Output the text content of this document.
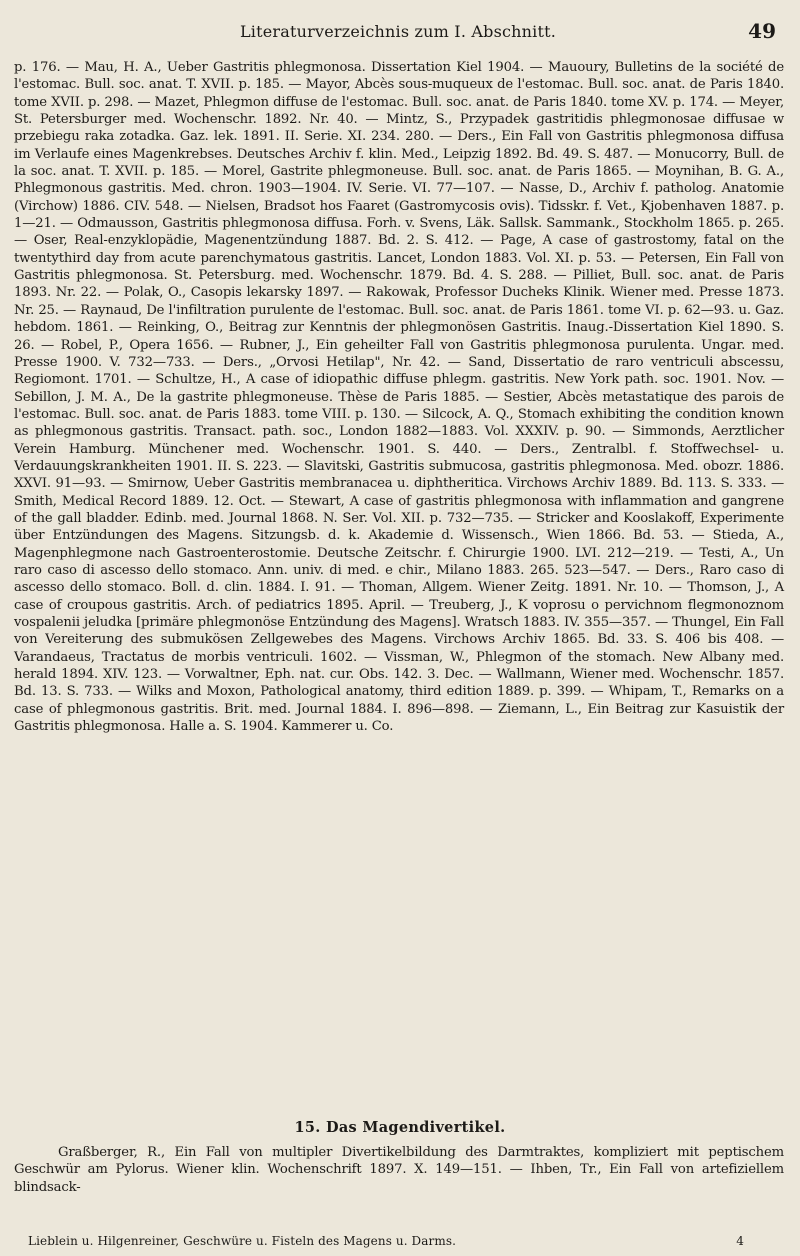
Literaturverzeichnis zum I. Abschnitt.	49
p. 176. — Mau, H. A., Ueber Gastritis phlegmonosa. Dissertation Kiel 1904. — Mauoury, Bulletins de la société de l'estomac. Bull. soc. anat. T. XVII. p. 185. — Mayor, Abcès sous-muqueux de l'estomac. Bull. soc. anat. de Paris 1840. tome XVII. p. 298. — Mazet, Phlegmon diffuse de l'estomac. Bull. soc. anat. de Paris 1840. tome XV. p. 174. — Meyer, St. Petersburger med. Wochenschr. 1892. Nr. 40. — Mintz, S., Przypadek gastritidis phlegmonosae diffusae w przebiegu raka zotadka. Gaz. lek. 1891. II. Serie. XI. 234. 280. — Ders., Ein Fall von Gastritis phlegmonosa diffusa im Verlaufe eines Magenkrebses. Deutsches Archiv f. klin. Med., Leipzig 1892. Bd. 49. S. 487. — Monucorry, Bull. de la soc. anat. T. XVII. p. 185. — Morel, Gastrite phlegmoneuse. Bull. soc. anat. de Paris 1865. — Moynihan, B. G. A., Phlegmonous gastritis. Med. chron. 1903—1904. IV. Serie. VI. 77—107. — Nasse, D., Archiv f. patholog. Anatomie (Virchow) 1886. CIV. 548. — Nielsen, Bradsot hos Faaret (Gastromycosis ovis). Tidsskr. f. Vet., Kjobenhaven 1887. p. 1—21. — Odmausson, Gastritis phlegmonosa diffusa. Forh. v. Svens, Läk. Sallsk. Sammank., Stockholm 1865. p. 265. — Oser, Real-enzyklopädie, Magenentzündung 1887. Bd. 2. S. 412. — Page, A case of gastrostomy, fatal on the twentythird day from acute parenchymatous gastritis. Lancet, London 1883. Vol. XI. p. 53. — Petersen, Ein Fall von Gastritis phlegmonosa. St. Petersburg. med. Wochenschr. 1879. Bd. 4. S. 288. — Pilliet, Bull. soc. anat. de Paris 1893. Nr. 22. — Polak, O., Casopis lekarsky 1897. — Rakowak, Professor Ducheks Klinik. Wiener med. Presse 1873. Nr. 25. — Raynaud, De l'infiltration purulente de l'estomac. Bull. soc. anat. de Paris 1861. tome VI. p. 62—93. u. Gaz. hebdom. 1861. — Reinking, O., Beitrag zur Kenntnis der phlegmonösen Gastritis. Inaug.-Dissertation Kiel 1890. S. 26. — Robel, P., Opera 1656. — Rubner, J., Ein geheilter Fall von Gastritis phlegmonosa purulenta. Ungar. med. Presse 1900. V. 732—733. — Ders., „Orvosi Hetilap", Nr. 42. — Sand, Dissertatio de raro ventriculi abscessu, Regiomont. 1701. — Schultze, H., A case of idiopathic diffuse phlegm. gastritis. New York path. soc. 1901. Nov. — Sebillon, J. M. A., De la gastrite phlegmoneuse. Thèse de Paris 1885. — Sestier, Abcès metastatique des parois de l'estomac. Bull. soc. anat. de Paris 1883. tome VIII. p. 130. — Silcock, A. Q., Stomach exhibiting the condition known as phlegmonous gastritis. Transact. path. soc., London 1882—1883. Vol. XXXIV. p. 90. — Simmonds, Aerztlicher Verein Hamburg. Münchener med. Wochenschr. 1901. S. 440. — Ders., Zentralbl. f. Stoffwechsel- u. Verdauungskrankheiten 1901. II. S. 223. — Slavitski, Gastritis submucosa, gastritis phlegmonosa. Med. obozr. 1886. XXVI. 91—93. — Smirnow, Ueber Gastritis membranacea u. diphtheritica. Virchows Archiv 1889. Bd. 113. S. 333. — Smith, Medical Record 1889. 12. Oct. — Stewart, A case of gastritis phlegmonosa with inflammation and gangrene of the gall bladder. Edinb. med. Journal 1868. N. Ser. Vol. XII. p. 732—735. — Stricker and Kooslakoff, Experimente über Entzündungen des Magens. Sitzungsb. d. k. Akademie d. Wissensch., Wien 1866. Bd. 53. — Stieda, A., Magenphlegmone nach Gastroenterostomie. Deutsche Zeitschr. f. Chirurgie 1900. LVI. 212—219. — Testi, A., Un raro caso di ascesso dello stomaco. Ann. univ. di med. e chir., Milano 1883. 265. 523—547. — Ders., Raro caso di ascesso dello stomaco. Boll. d. clin. 1884. I. 91. — Thoman, Allgem. Wiener Zeitg. 1891. Nr. 10. — Thomson, J., A case of croupous gastritis. Arch. of pediatrics 1895. April. — Treuberg, J., K voprosu o pervichnom flegmonoznom vospalenii jeludka [primäre phlegmonöse Entzündung des Magens]. Wratsch 1883. IV. 355—357. — Thungel, Ein Fall von Vereiterung des submukösen Zellgewebes des Magens. Virchows Archiv 1865. Bd. 33. S. 406 bis 408. — Varandaeus, Tractatus de morbis ventriculi. 1602. — Vissman, W., Phlegmon of the stomach. New Albany med. herald 1894. XIV. 123. — Vorwaltner, Eph. nat. cur. Obs. 142. 3. Dec. — Wallmann, Wiener med. Wochenschr. 1857. Bd. 13. S. 733. — Wilks and Moxon, Pathological anatomy, third edition 1889. p. 399. — Whipam, T., Remarks on a case of phlegmonous gastritis. Brit. med. Journal 1884. I. 896—898. — Ziemann, L., Ein Beitrag zur Kasuistik der Gastritis phlegmonosa. Halle a. S. 1904. Kammerer u. Co.
15. Das Magendivertikel.

Graßberger, R., Ein Fall von multipler Divertikelbildung des Darmtraktes, kompliziert mit peptischem Geschwür am Pylorus. Wiener klin. Wochenschrift 1897. X. 149—151. — Ihben, Tr., Ein Fall von artefiziellem blindsack-

Lieblein u. Hilgenreiner, Geschwüre u. Fisteln des Magens u. Darms.	4
